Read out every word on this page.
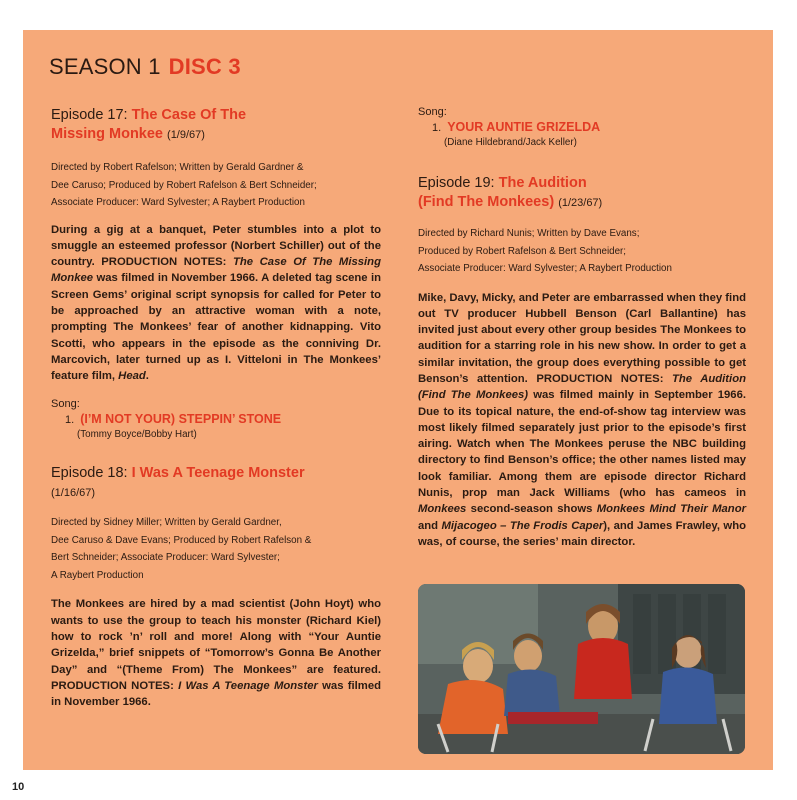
SEASON 1 DISC 3

Episode 17: The Case Of The
Missing Monkee (1/9/67)

Directed by Robert Rafelson; Written by Gerald Gardner &
Dee Caruso; Produced by Robert Rafelson & Bert Schneider;
Associate Producer: Ward Sylvester; A Raybert Production

During a gig at a banquet, Peter stumbles into a plot to smuggle an esteemed professor (Norbert Schiller) out of the country. PRODUCTION NOTES: The Case Of The Missing Monkee was filmed in November 1966. A deleted tag scene in Screen Gems’ original script synopsis for called for Peter to be approached by an attractive woman with a note, prompting The Monkees’ fear of another kidnapping. Vito Scotti, who appears in the episode as the conniving Dr. Marcovich, later turned up as I. Vitteloni in The Monkees’ feature film, Head.

Song:

1. (I’M NOT YOUR) STEPPIN’ STONE

(Tommy Boyce/Bobby Hart)

Episode 18: I Was A Teenage Monster
(1/16/67)

Directed by Sidney Miller; Written by Gerald Gardner,
Dee Caruso & Dave Evans; Produced by Robert Rafelson &
Bert Schneider; Associate Producer: Ward Sylvester;
A Raybert Production

The Monkees are hired by a mad scientist (John Hoyt) who wants to use the group to teach his monster (Richard Kiel) how to rock ’n’ roll and more! Along with “Your Auntie Grizelda,” brief snippets of “Tomorrow’s Gonna Be Another Day” and “(Theme From) The Monkees” are featured. PRODUCTION NOTES: I Was A Teenage Monster was filmed in November 1966.

Song:

1. YOUR AUNTIE GRIZELDA

(Diane Hildebrand/Jack Keller)

Episode 19: The Audition
(Find The Monkees) (1/23/67)

Directed by Richard Nunis; Written by Dave Evans;
Produced by Robert Rafelson & Bert Schneider;
Associate Producer: Ward Sylvester; A Raybert Production

Mike, Davy, Micky, and Peter are embarrassed when they find out TV producer Hubbell Benson (Carl Ballantine) has invited just about every other group besides The Monkees to audition for a starring role in his new show. In order to get a similar invitation, the group does everything possible to get Benson’s attention. PRODUCTION NOTES: The Audition (Find The Monkees) was filmed mainly in September 1966. Due to its topical nature, the end-of-show tag interview was most likely filmed separately just prior to the episode’s first airing. Watch when The Monkees peruse the NBC building directory to find Benson’s office; the other names listed may look familiar. Among them are episode director Richard Nunis, prop man Jack Williams (who has cameos in Monkees second-season shows Monkees Mind Their Manor and Mijacogeo – The Frodis Caper), and James Frawley, who was, of course, the series’ main director.

10
